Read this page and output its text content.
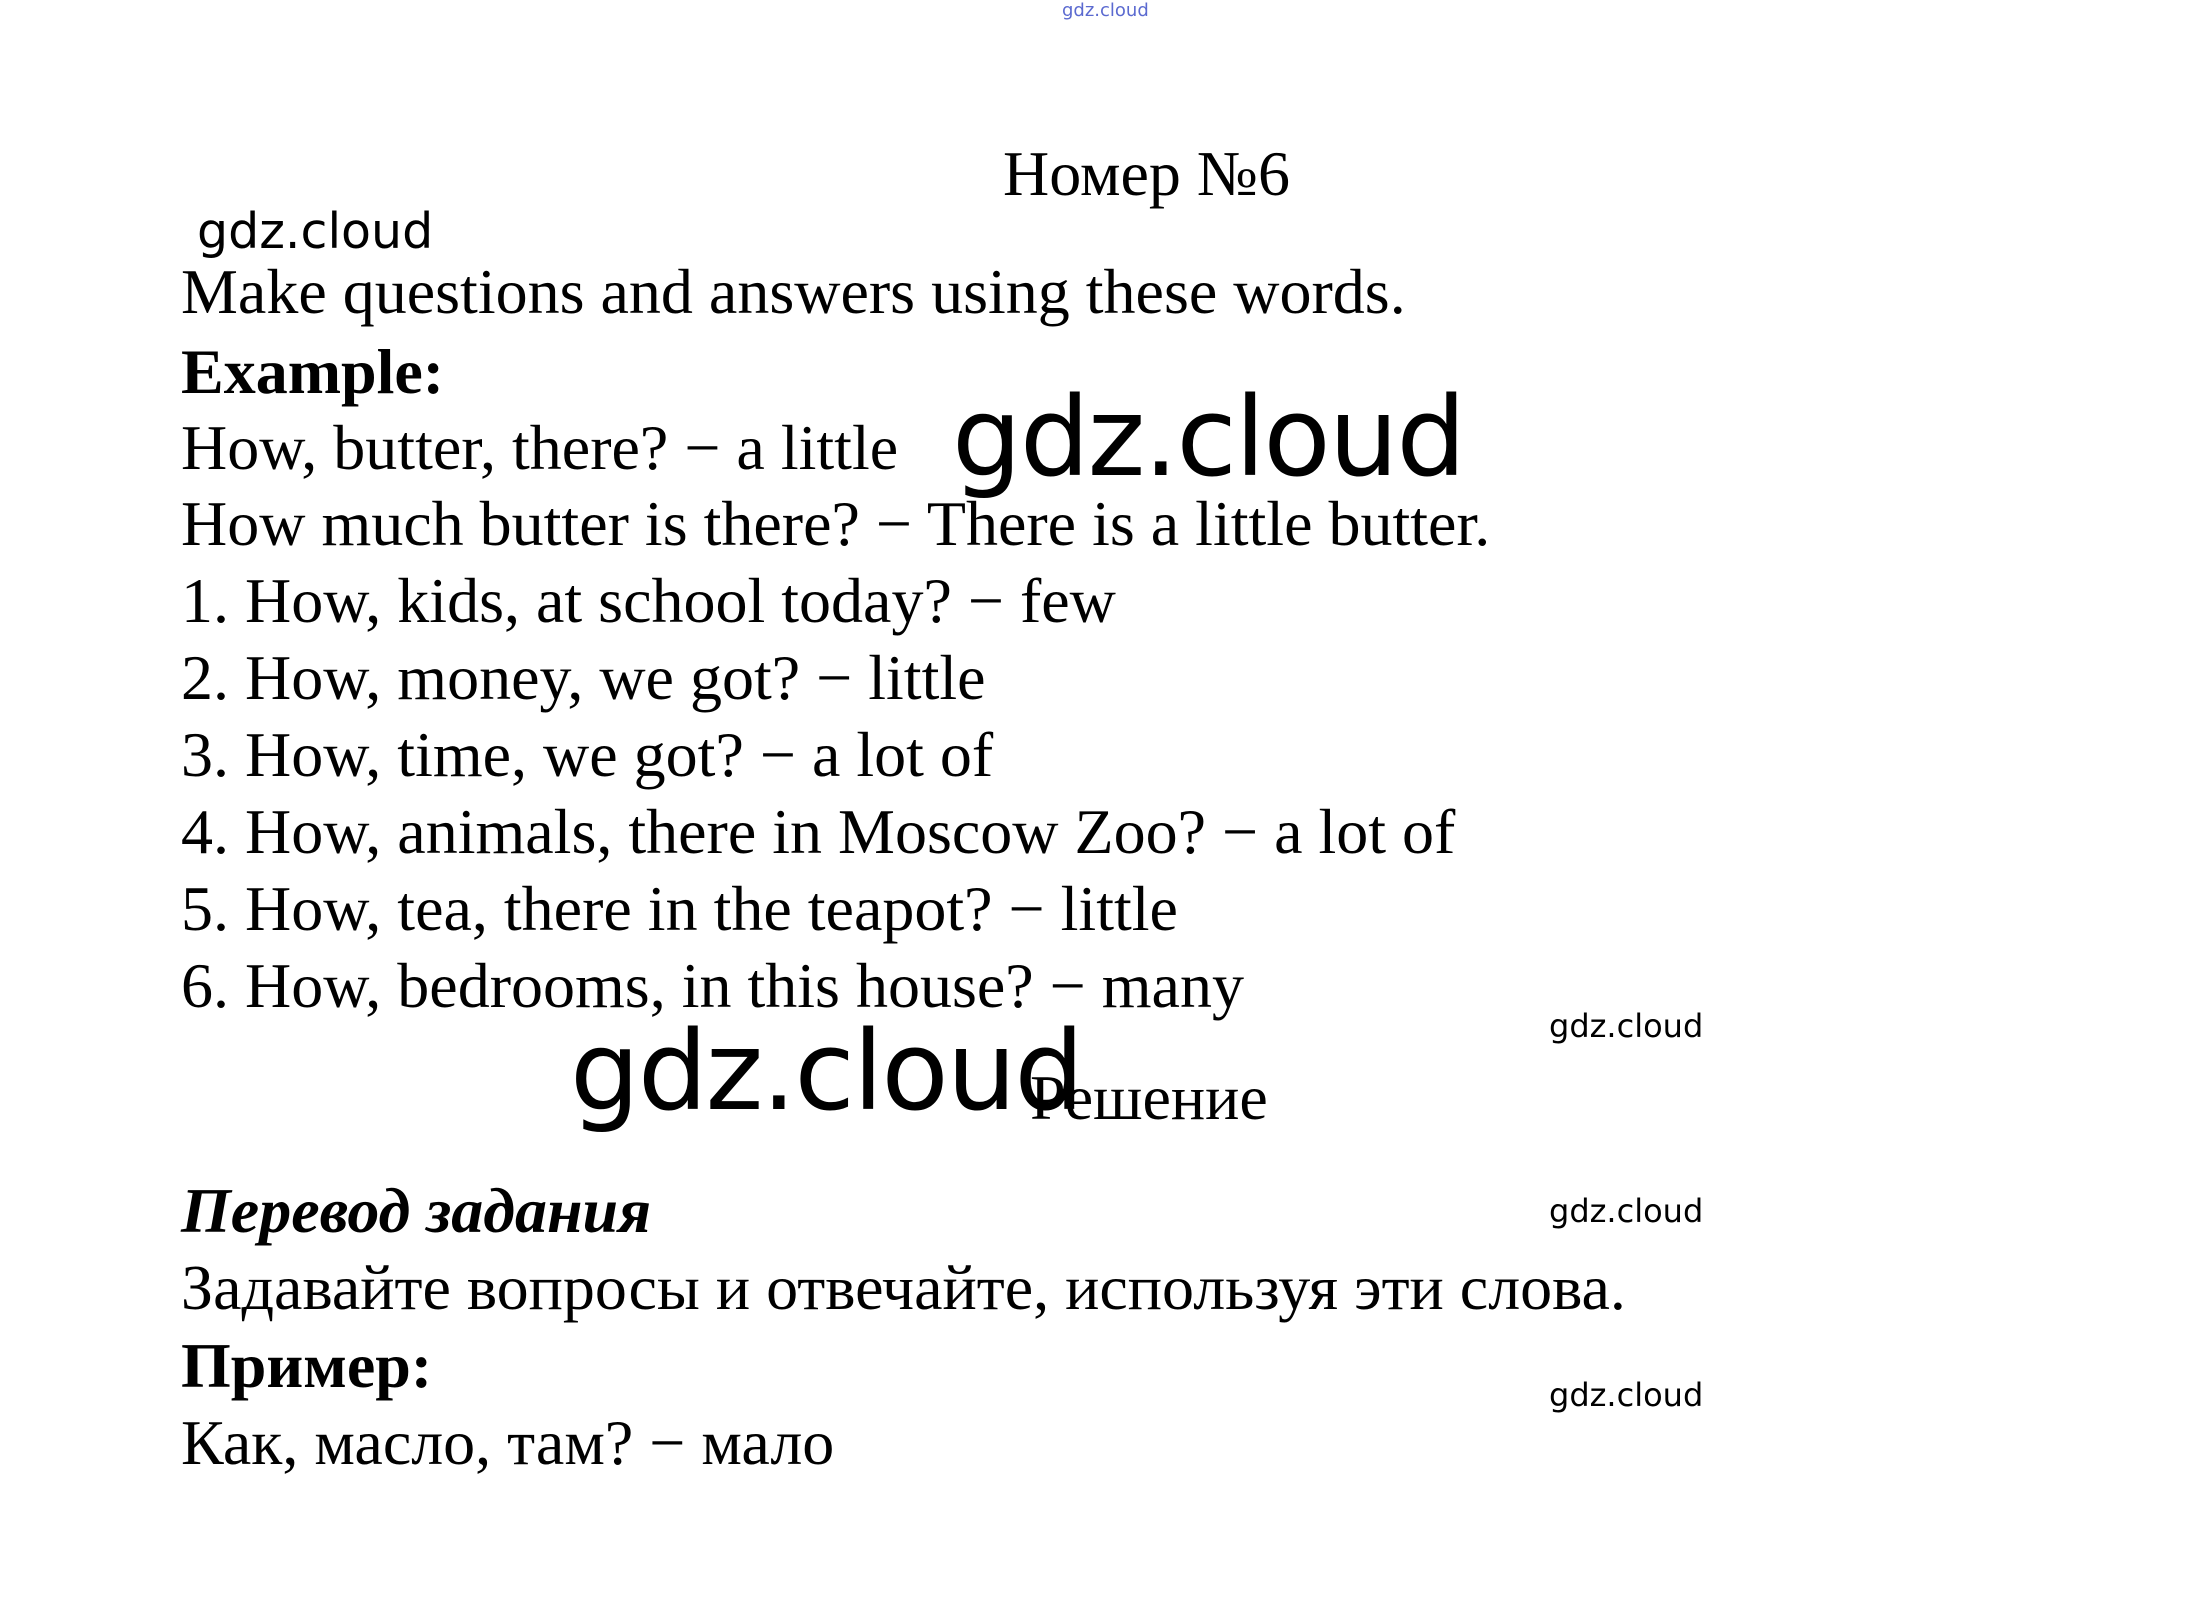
gdz.cloud
gdz.cloud
Номер №6
Make questions and answers using these words.
Example:
How, butter, there? − a little gdz.cloud
How much butter is there? − There is a little butter.
1. How, kids, at school today? − few
2. How, money, we got? − little
3. How, time, we got? − a lot of
4. How, animals, there in Moscow Zoo? − a lot of
5. How, tea, there in the teapot? − little
6. How, bedrooms, in this house? − many
gdz.cloud
gdz.cloud
Решение
Перевод задания	gdz.cloud
Задавайте вопросы и отвечайте, используя эти слова.
Пример:	gdz.cloud
Как, масло, там? − мало
